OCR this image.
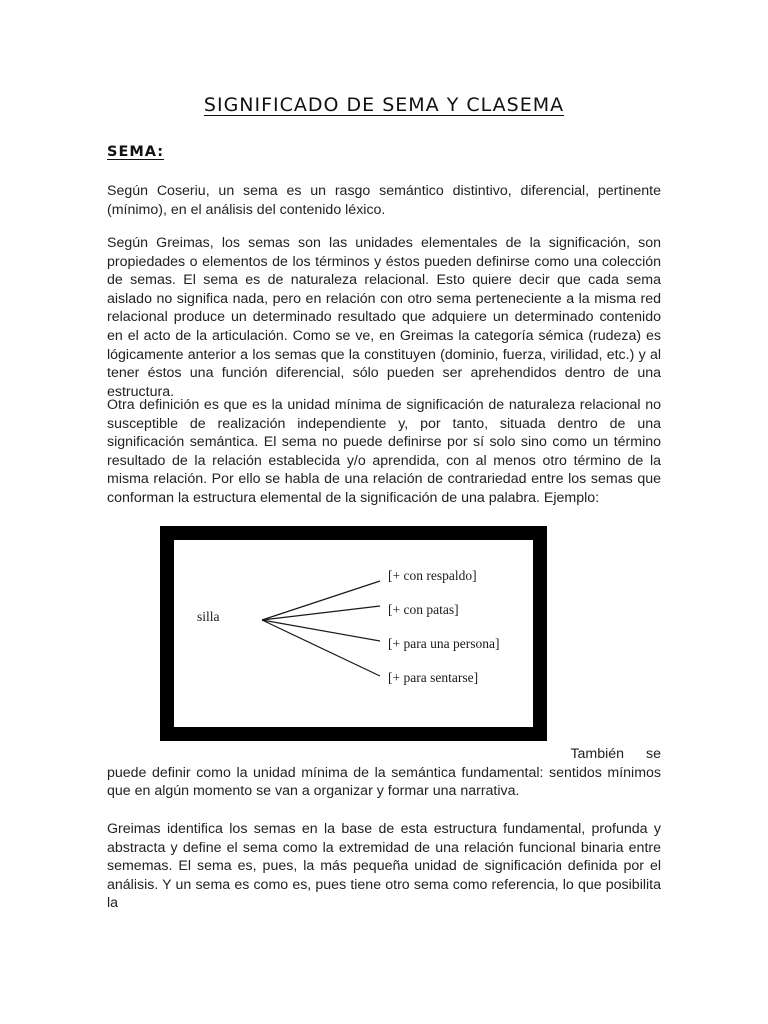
SIGNIFICADO DE SEMA Y CLASEMA
SEMA:

Según Coseriu, un sema es un rasgo semántico distintivo, diferencial, pertinente (mínimo), en el análisis del contenido léxico.

Según Greimas, los semas son las unidades elementales de la significación, son propiedades o elementos de los términos y éstos pueden definirse como una colección de semas. El sema es de naturaleza relacional. Esto quiere decir que cada sema aislado no significa nada, pero en relación con otro sema perteneciente a la misma red relacional produce un determinado resultado que adquiere un determinado contenido en el acto de la articulación. Como se ve, en Greimas la categoría sémica (rudeza) es lógicamente anterior a los semas que la constituyen (dominio, fuerza, virilidad, etc.) y al tener éstos una función diferencial, sólo pueden ser aprehendidos dentro de una estructura.

Otra definición es que es la unidad mínima de significación de naturaleza relacional no susceptible de realización independiente y, por tanto, situada dentro de una significación semántica. El sema no puede definirse por sí solo sino como un término resultado de la relación establecida y/o aprendida, con al menos otro término de la misma relación. Por ello se habla de una relación de contrariedad entre los semas que conforman la estructura elemental de la significación de una palabra. Ejemplo:

silla
[+ con respaldo]
[+ con patas]
[+ para una persona]
[+ para sentarse]

También se
puede definir como la unidad mínima de la semántica fundamental: sentidos mínimos que en algún momento se van a organizar y formar una narrativa.

Greimas identifica los semas en la base de esta estructura fundamental, profunda y abstracta y define el sema como la extremidad de una relación funcional binaria entre sememas. El sema es, pues, la más pequeña unidad de significación definida por el análisis. Y un sema es como es, pues tiene otro sema como referencia, lo que posibilita la
